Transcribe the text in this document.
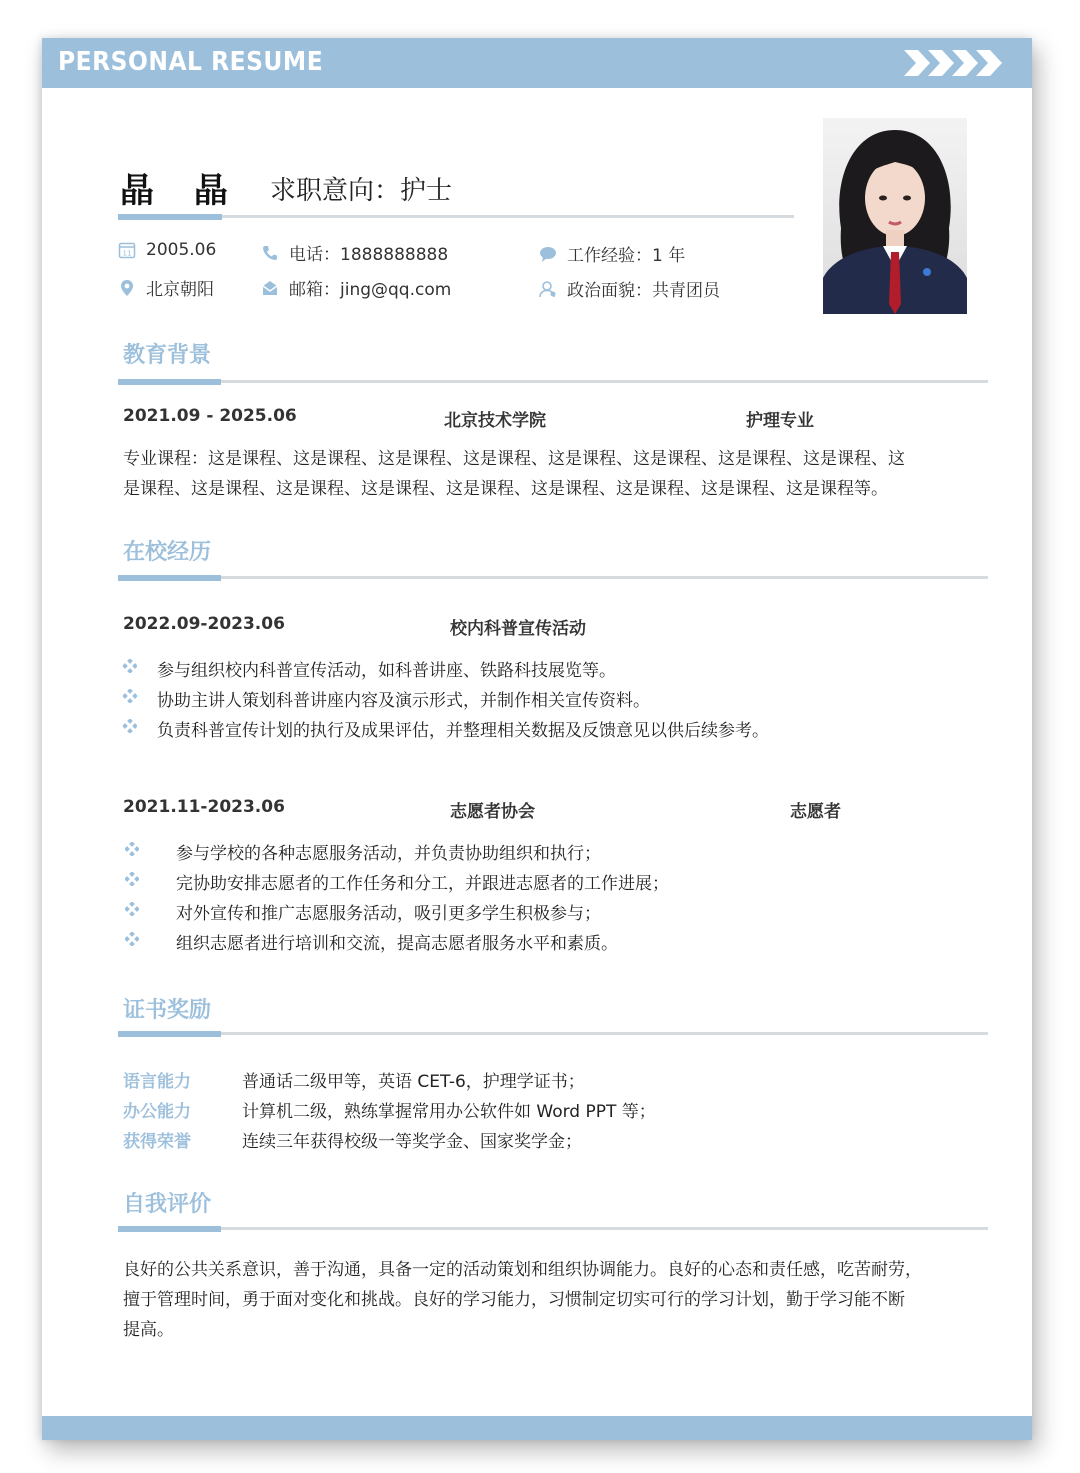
PERSONAL RESUME
晶 晶 求职意向：护士
11 2005.06
北京朝阳
电话：1888888888
邮箱：jing@qq.com
工作经验：1 年
政治面貌：共青团员
教育背景
2021.09 - 2025.06	北京技术学院	护理专业
专业课程：这是课程、这是课程、这是课程、这是课程、这是课程、这是课程、这是课程、这是课程、这
是课程、这是课程、这是课程、这是课程、这是课程、这是课程、这是课程、这是课程、这是课程等。
在校经历
2022.09-2023.06	校内科普宣传活动
参与组织校内科普宣传活动，如科普讲座、铁路科技展览等。
协助主讲人策划科普讲座内容及演示形式，并制作相关宣传资料。
负责科普宣传计划的执行及成果评估，并整理相关数据及反馈意见以供后续参考。
2021.11-2023.06	志愿者协会	志愿者
参与学校的各种志愿服务活动，并负责协助组织和执行；
完协助安排志愿者的工作任务和分工，并跟进志愿者的工作进展；
对外宣传和推广志愿服务活动，吸引更多学生积极参与；
组织志愿者进行培训和交流，提高志愿者服务水平和素质。
证书奖励
语言能力	普通话二级甲等，英语 CET-6，护理学证书；
办公能力	计算机二级，熟练掌握常用办公软件如 Word PPT 等；
获得荣誉	连续三年获得校级一等奖学金、国家奖学金；
自我评价
良好的公共关系意识，善于沟通，具备一定的活动策划和组织协调能力。良好的心态和责任感，吃苦耐劳，
擅于管理时间，勇于面对变化和挑战。良好的学习能力，习惯制定切实可行的学习计划，勤于学习能不断
提高。
